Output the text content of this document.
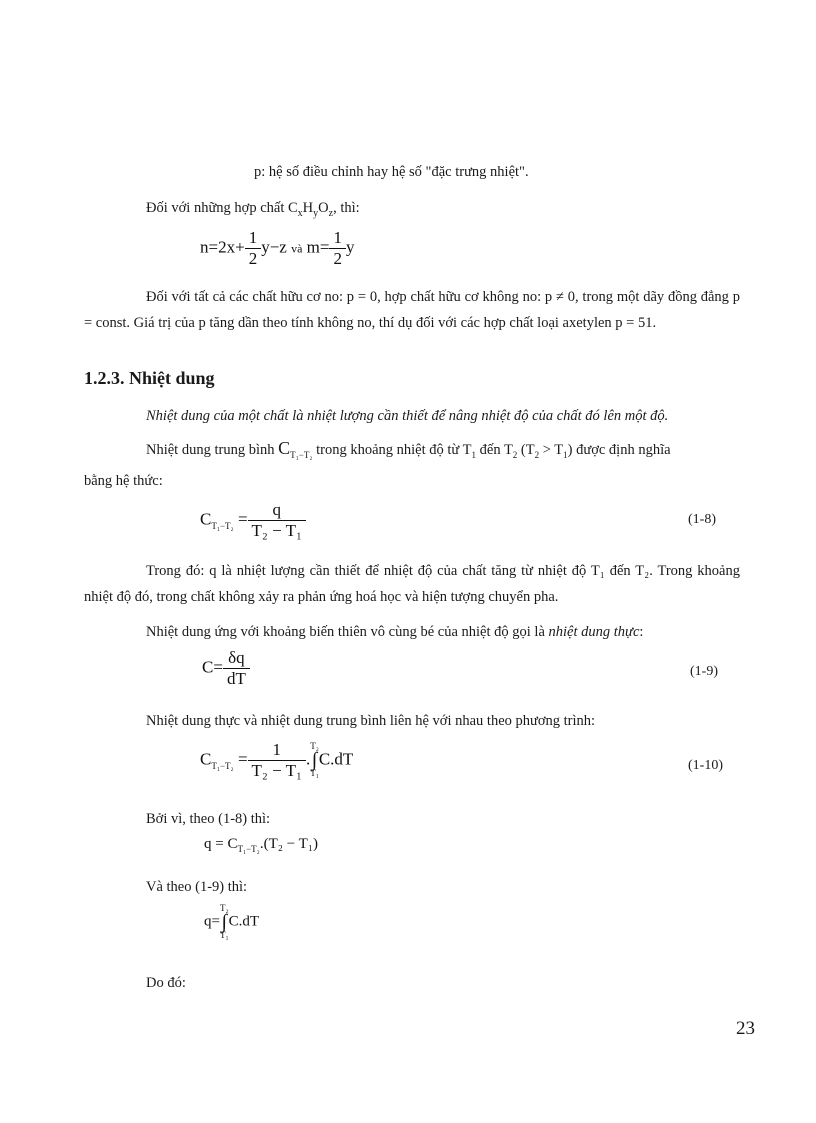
p: hệ số điều chỉnh hay hệ số "đặc trưng nhiệt".
Đối với những hợp chất $C_xH_yO_z$, thì:
$n=2x+ \frac{1}{2} y-z$ và $m= \frac{1}{2}$ y
Đối với tất cả các chất hữu cơ no: p = 0, hợp chất hữu cơ không no: p ≠ 0, trong một dãy đồng đẳng p = const. Giá trị của p tăng dần theo tính không no, thí dụ đối với các hợp chất loại axetylen p = 51.
1.2.3. Nhiệt dung
Nhiệt dung của một chất là nhiệt lượng cần thiết để nâng nhiệt độ của chất đó lên một độ.
Nhiệt dung trung bình $C_{T_1-T_2}$ trong khoảng nhiệt độ từ $T_1$ đến $T_2$ $(T_2 > T_1)$ được định nghĩa
bằng hệ thức:
$C_{T_1-T_2} = \frac{q}{\text{T₂ − T₁}}$	(1-8)
Trong đó: q là nhiệt lượng cần thiết để nhiệt độ của chất tăng từ nhiệt độ T₁ đến T₂. Trong khoảng nhiệt độ đó, trong chất không xảy ra phản ứng hoá học và hiện tượng chuyển pha.
Nhiệt dung ứng với khoảng biến thiên vô cùng bé của nhiệt độ gọi là nhiệt dung thực:
$C= \frac{\delta q}{dT}$	(1-9)
Nhiệt dung thực và nhiệt dung trung bình liên hệ với nhau theo phương trình:
$C_{T_1-T_2} = \frac{1}{\text{T₂ − T₁}}$ .
T₂
∫
T₁
C.dT	(1-10)
Bởi vì, theo (1-8) thì:
$q = C_{T_1-T_2}.(T_2 - T_1)$
Và theo (1-9) thì:
q=
T₂
∫
T₁
C.dT
Do đó:
23
